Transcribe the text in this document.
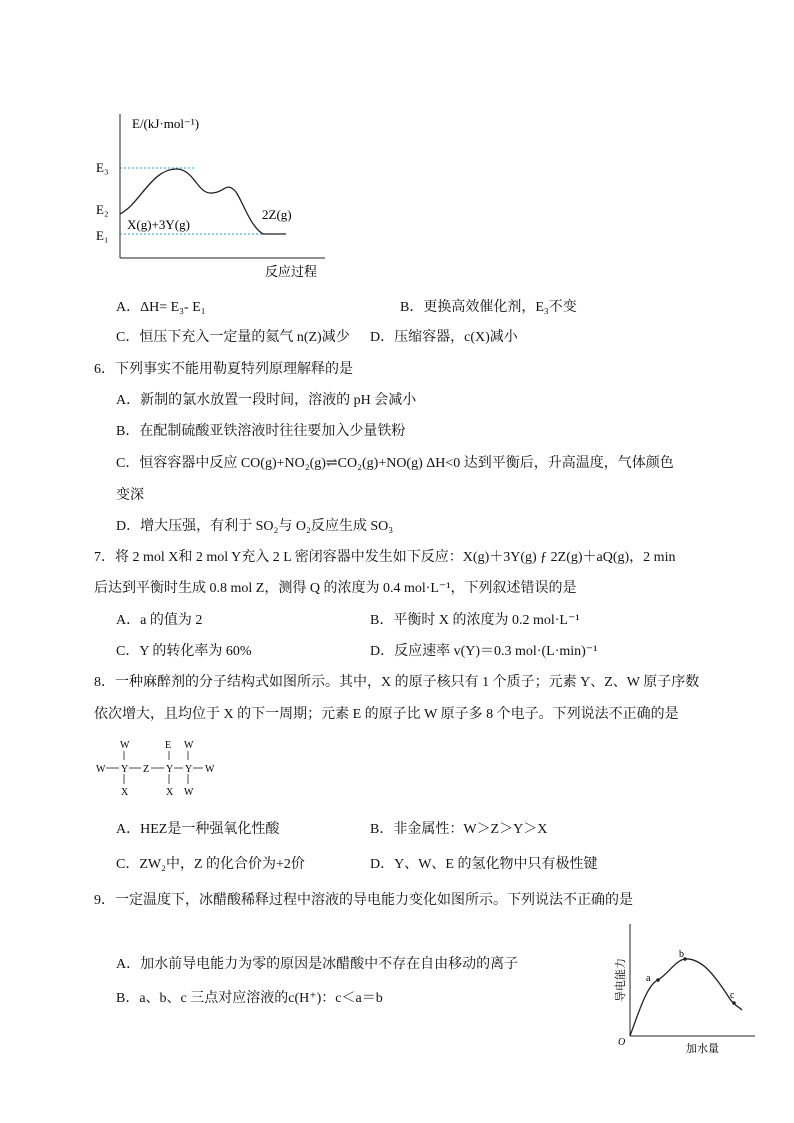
E/(kJ·mol⁻¹)
E₃
E₂
E₁
X(g)+3Y(g)
2Z(g)
反应过程
A．ΔH= E₃- E₁	B．更换高效催化剂，E₃不变
C．恒压下充入一定量的氦气 n(Z)减少 D．压缩容器，c(X)减小
6．下列事实不能用勒夏特列原理解释的是
A．新制的氯水放置一段时间，溶液的 pH 会减小
B．在配制硫酸亚铁溶液时往往要加入少量铁粉
C．恒容容器中反应 CO(g)+NO₂(g)⇌CO₂(g)+NO(g) ΔH<0 达到平衡后，升高温度，气体颜色
变深
D．增大压强，有利于 SO₂与 O₂反应生成 SO₃
7．将 2 mol X和 2 mol Y充入 2 L 密闭容器中发生如下反应：X(g)＋3Y(g) ƒ 2Z(g)＋aQ(g)，2 min
后达到平衡时生成 0.8 mol Z，测得 Q 的浓度为 0.4 mol·L⁻¹，下列叙述错误的是
A．a 的值为 2	B．平衡时 X 的浓度为 0.2 mol·L⁻¹
C．Y 的转化率为 60%	D．反应速率 v(Y)＝0.3 mol·(L·min)⁻¹
8．一种麻醉剂的分子结构式如图所示。其中，X 的原子核只有 1 个质子；元素 Y、Z、W 原子序数
依次增大，且均位于 X 的下一周期；元素 E 的原子比 W 原子多 8 个电子。下列说法不正确的是
W	E W
W Y Z Y Y W
X	X W
A．HEZ是一种强氧化性酸	B．非金属性：W＞Z＞Y＞X
C．ZW₂中，Z 的化合价为+2价	D．Y、W、E 的氢化物中只有极性键
9．一定温度下，冰醋酸稀释过程中溶液的导电能力变化如图所示。下列说法不正确的是
A．加水前导电能力为零的原因是冰醋酸中不存在自由移动的离子
B．a、b、c 三点对应溶液的c(H⁺)：c＜a＝b
a
b
c
O
加水量
导电能力
